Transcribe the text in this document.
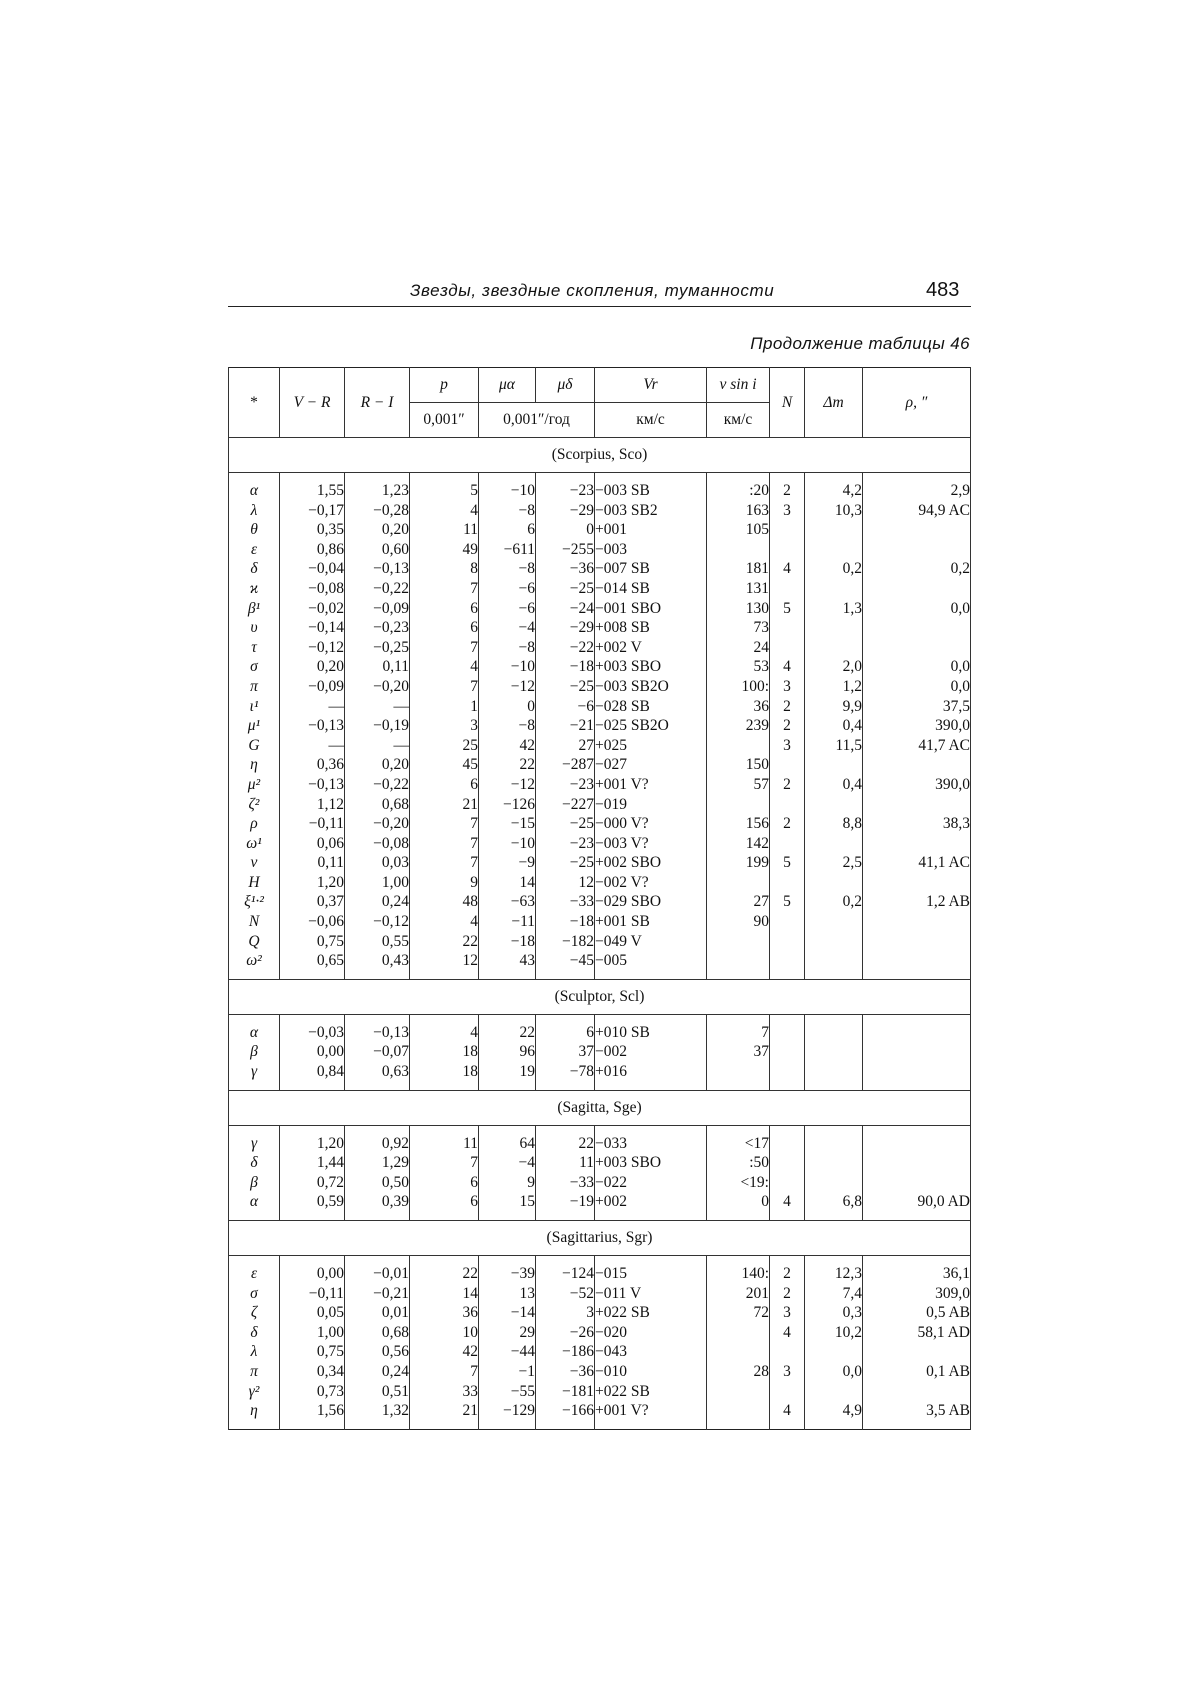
Звезды, звездные скопления, туманности	483
Продолжение таблицы 46
*	V − R	R − I	p	μα	μδ	Vr	v sin i	N	Δm	ρ, ″
			0,001″	0,001″/год		км/с	км/с			
(Scorpius, Sco)										

α	1,55	1,23	5	−10	−23	−003 SB	:20	2	4,2	2,9
λ	−0,17	−0,28	4	−8	−29	−003 SB2	163	3	10,3	94,9 AC
θ	0,35	0,20	11	6	0	+001	105			
ε	0,86	0,60	49	−611	−255	−003				
δ	−0,04	−0,13	8	−8	−36	−007 SB	181	4	0,2	0,2
ϰ	−0,08	−0,22	7	−6	−25	−014 SB	131			
β¹	−0,02	−0,09	6	−6	−24	−001 SBO	130	5	1,3	0,0
υ	−0,14	−0,23	6	−4	−29	+008 SB	73			
τ	−0,12	−0,25	7	−8	−22	+002 V	24			
σ	0,20	0,11	4	−10	−18	+003 SBO	53	4	2,0	0,0
π	−0,09	−0,20	7	−12	−25	−003 SB2O	100:	3	1,2	0,0
ι¹	—	—	1	0	−6	−028 SB	36	2	9,9	37,5
μ¹	−0,13	−0,19	3	−8	−21	−025 SB2O	239	2	0,4	390,0
G	—	—	25	42	27	+025		3	11,5	41,7 AC
η	0,36	0,20	45	22	−287	−027	150			
μ²	−0,13	−0,22	6	−12	−23	+001 V?	57	2	0,4	390,0
ζ²	1,12	0,68	21	−126	−227	−019				
ρ	−0,11	−0,20	7	−15	−25	−000 V?	156	2	8,8	38,3
ω¹	0,06	−0,08	7	−10	−23	−003 V?	142			
ν	0,11	0,03	7	−9	−25	+002 SBO	199	5	2,5	41,1 AC
H	1,20	1,00	9	14	12	−002 V?				
ξ¹·²	0,37	0,24	48	−63	−33	−029 SBO	27	5	0,2	1,2 AB
N	−0,06	−0,12	4	−11	−18	+001 SB	90			
Q	0,75	0,55	22	−18	−182	−049 V				
ω²	0,65	0,43	12	43	−45	−005				

(Sculptor, Scl)										

α	−0,03	−0,13	4	22	6	+010 SB	7			
β	0,00	−0,07	18	96	37	−002	37			
γ	0,84	0,63	18	19	−78	+016				

(Sagitta, Sge)										

γ	1,20	0,92	11	64	22	−033	<17			
δ	1,44	1,29	7	−4	11	+003 SBO	:50			
β	0,72	0,50	6	9	−33	−022	<19:			
α	0,59	0,39	6	15	−19	+002	0	4	6,8	90,0 AD

(Sagittarius, Sgr)										

ε	0,00	−0,01	22	−39	−124	−015	140:	2	12,3	36,1
σ	−0,11	−0,21	14	13	−52	−011 V	201	2	7,4	309,0
ζ	0,05	0,01	36	−14	3	+022 SB	72	3	0,3	0,5 AB
δ	1,00	0,68	10	29	−26	−020		4	10,2	58,1 AD
λ	0,75	0,56	42	−44	−186	−043				
π	0,34	0,24	7	−1	−36	−010	28	3	0,0	0,1 AB
γ²	0,73	0,51	33	−55	−181	+022 SB				
η	1,56	1,32	21	−129	−166	+001 V?		4	4,9	3,5 AB
